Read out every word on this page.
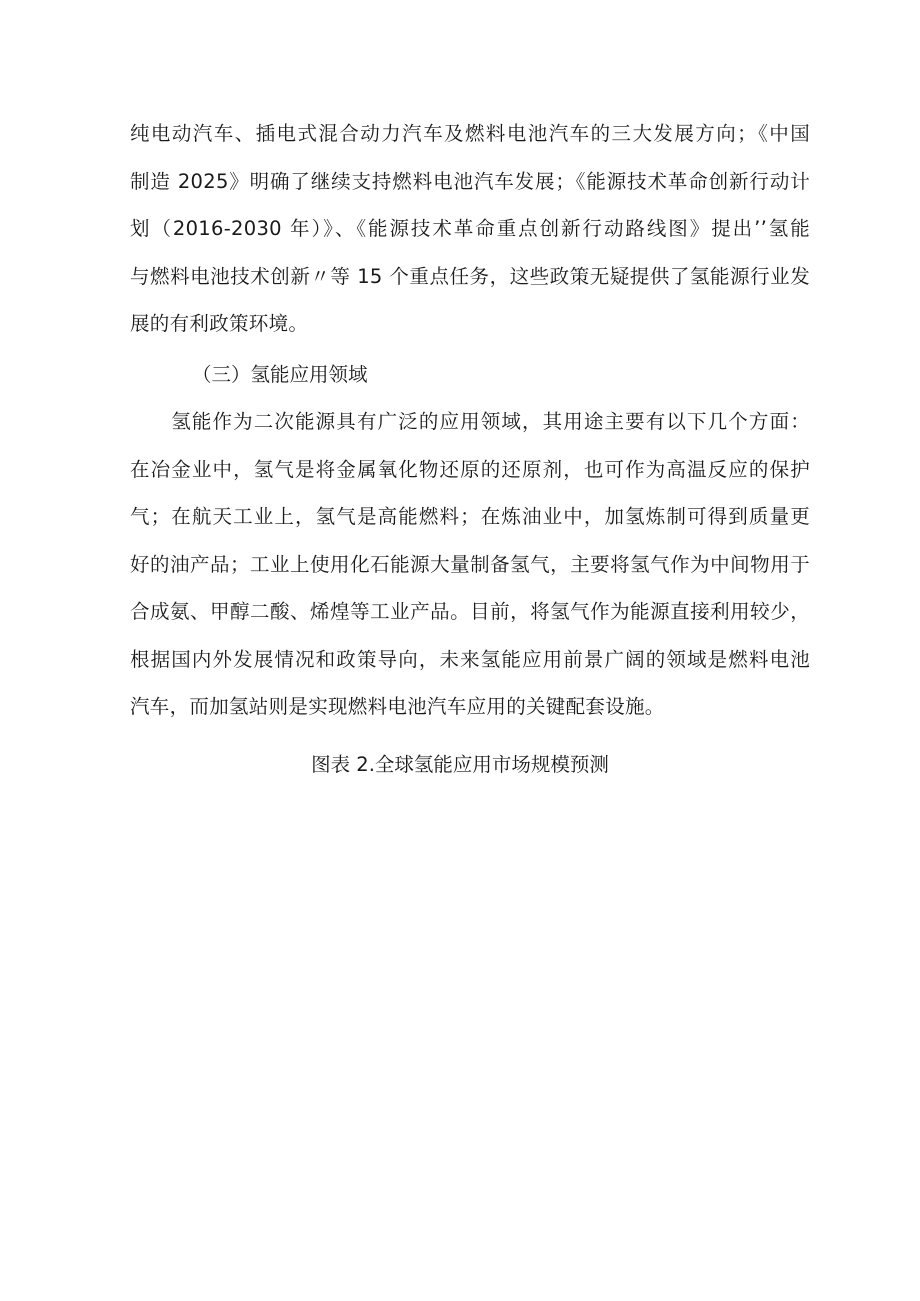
纯电动汽车、插电式混合动力汽车及燃料电池汽车的三大发展方向；《中国
制造 2025》明确了继续支持燃料电池汽车发展；《能源技术革命创新行动计
划（2016-2030 年）》、《能源技术革命重点创新行动路线图》提出’’氢能
与燃料电池技术创新〃等 15 个重点任务，这些政策无疑提供了氢能源行业发
展的有利政策环境。
（三）氢能应用领域
　　氢能作为二次能源具有广泛的应用领域，其用途主要有以下几个方面：
在冶金业中，氢气是将金属氧化物还原的还原剂，也可作为高温反应的保护
气；在航天工业上，氢气是高能燃料；在炼油业中，加氢炼制可得到质量更
好的油产品；工业上使用化石能源大量制备氢气，主要将氢气作为中间物用于
合成氨、甲醇二酸、烯煌等工业产品。目前，将氢气作为能源直接利用较少，
根据国内外发展情况和政策导向，未来氢能应用前景广阔的领域是燃料电池
汽车，而加氢站则是实现燃料电池汽车应用的关键配套设施。

图表 2.全球氢能应用市场规模预测
